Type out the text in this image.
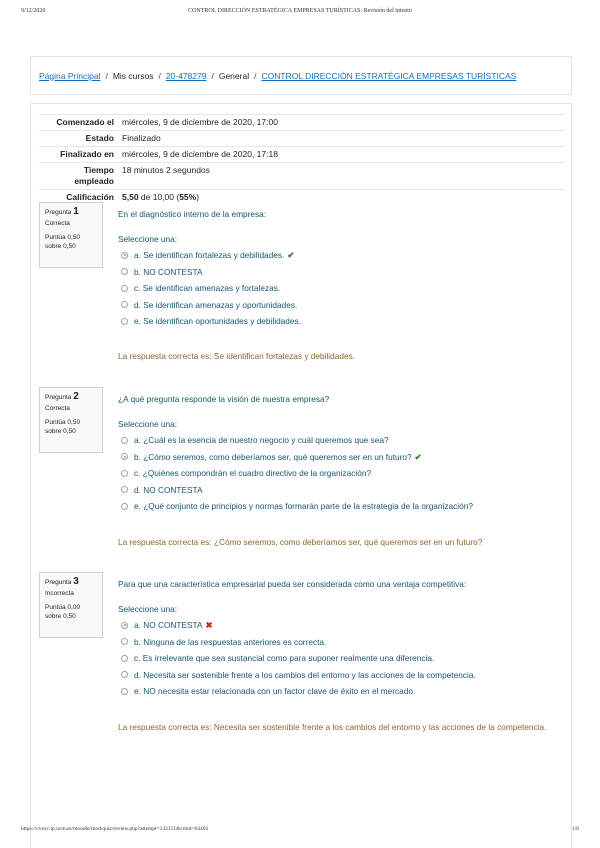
9/12/2020	CONTROL DIRECCIÓN ESTRATÉGICA EMPRESAS TURÍSTICAS: Revisión del intento
Página Principal / Mis cursos / 20-478279 / General / CONTROL DIRECCIÓN ESTRATÉGICA EMPRESAS TURÍSTICAS
Comenzado el	miércoles, 9 de diciembre de 2020, 17:00
Estado	Finalizado
Finalizado en	miércoles, 9 de diciembre de 2020, 17:18
Tiempo empleado	18 minutos 2 segundos
Calificación	5,50 de 10,00 (55%)
Pregunta 1
Correcta
Puntúa 0,50 sobre 0,50
En el diagnóstico interno de la empresa:
Seleccione una:
a. Se identifican fortalezas y debilidades. ✔
b. NO CONTESTA
c. Se identifican amenazas y fortalezas.
d. Se identifican amenazas y oportunidades.
e. Se identifican oportunidades y debilidades.
La respuesta correcta es: Se identifican fortalezas y debilidades.
Pregunta 2
Correcta
Puntúa 0,50 sobre 0,50
¿A qué pregunta responde la visión de nuestra empresa?
Seleccione una:
a. ¿Cuál es la esencia de nuestro negocio y cuál queremos que sea?
b. ¿Cómo seremos, como deberíamos ser, qué queremos ser en un futuro? ✔
c. ¿Quiénes compondrán el cuadro directivo de la organización?
d. NO CONTESTA
e. ¿Qué conjunto de principios y normas formarán parte de la estrategia de la organización?
La respuesta correcta es: ¿Cómo seremos, como deberíamos ser, qué queremos ser en un futuro?
Pregunta 3
Incorrecta
Puntúa 0,00 sobre 0,50
Para que una característica empresarial pueda ser considerada como una ventaja competitiva:
Seleccione una:
a. NO CONTESTA ✖
b. Ninguna de las respuestas anteriores es correcta.
c. Es irrelevante que sea sustancial como para suponer realmente una diferencia.
d. Necesita ser sostenible frente a los cambios del entorno y las acciones de la competencia.
e. NO necesita estar relacionada con un factor clave de éxito en el mercado.
La respuesta correcta es: Necesita ser sostenible frente a los cambios del entorno y las acciones de la competencia.
https://cvexc.tp.ucm.es/moodle/mod/quiz/review.php?attempt=142151&cmid=64402	1/6
